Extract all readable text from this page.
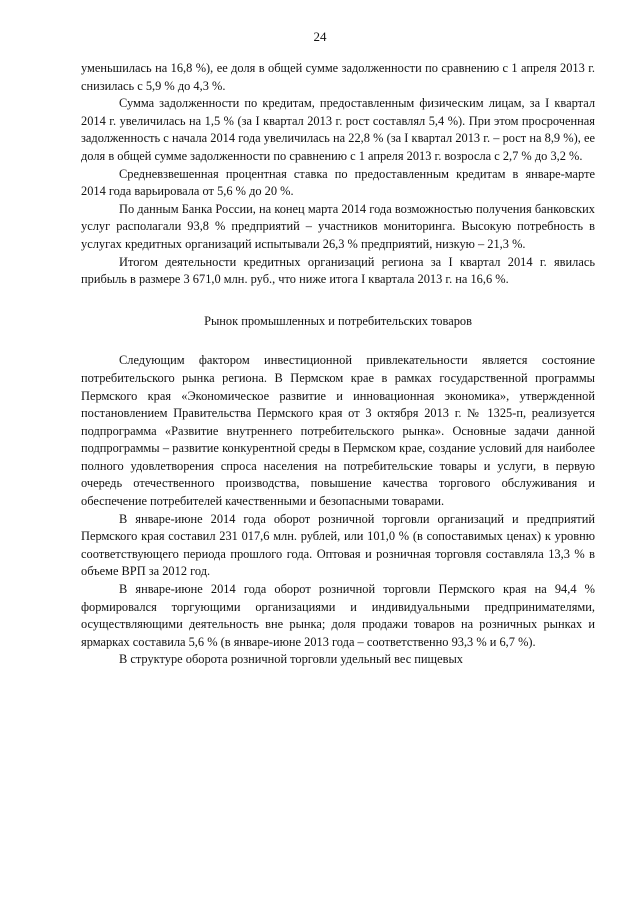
24

уменьшилась на 16,8 %), ее доля в общей сумме задолженности по сравнению с 1 апреля 2013 г. снизилась с 5,9 % до 4,3 %.

Сумма задолженности по кредитам, предоставленным физическим лицам, за I квартал 2014 г. увеличилась на 1,5 % (за I квартал 2013 г. рост составлял 5,4 %). При этом просроченная задолженность с начала 2014 года увеличилась на 22,8 % (за I квартал 2013 г. – рост на 8,9 %), ее доля в общей сумме задолженности по сравнению с 1 апреля 2013 г. возросла с 2,7 % до 3,2 %.

Средневзвешенная процентная ставка по предоставленным кредитам в январе-марте 2014 года варьировала от 5,6 % до 20 %.

По данным Банка России, на конец марта 2014 года возможностью получения банковских услуг располагали 93,8 % предприятий – участников мониторинга. Высокую потребность в услугах кредитных организаций испытывали 26,3 % предприятий, низкую – 21,3 %.

Итогом деятельности кредитных организаций региона за I квартал 2014 г. явилась прибыль в размере 3 671,0 млн. руб., что ниже итога I квартала 2013 г. на 16,6 %.

Рынок промышленных и потребительских товаров

Следующим фактором инвестиционной привлекательности является состояние потребительского рынка региона. В Пермском крае в рамках государственной программы Пермского края «Экономическое развитие и инновационная экономика», утвержденной постановлением Правительства Пермского края от 3 октября 2013 г. № 1325-п, реализуется подпрограмма «Развитие внутреннего потребительского рынка». Основные задачи данной подпрограммы – развитие конкурентной среды в Пермском крае, создание условий для наиболее полного удовлетворения спроса населения на потребительские товары и услуги, в первую очередь отечественного производства, повышение качества торгового обслуживания и обеспечение потребителей качественными и безопасными товарами.

В январе-июне 2014 года оборот розничной торговли организаций и предприятий Пермского края составил 231 017,6 млн. рублей, или 101,0 % (в сопоставимых ценах) к уровню соответствующего периода прошлого года. Оптовая и розничная торговля составляла 13,3 % в объеме ВРП за 2012 год.

В январе-июне 2014 года оборот розничной торговли Пермского края на 94,4 % формировался торгующими организациями и индивидуальными предпринимателями, осуществляющими деятельность вне рынка; доля продажи товаров на розничных рынках и ярмарках составила 5,6 % (в январе-июне 2013 года – соответственно 93,3 % и 6,7 %).

В структуре оборота розничной торговли удельный вес пищевых
